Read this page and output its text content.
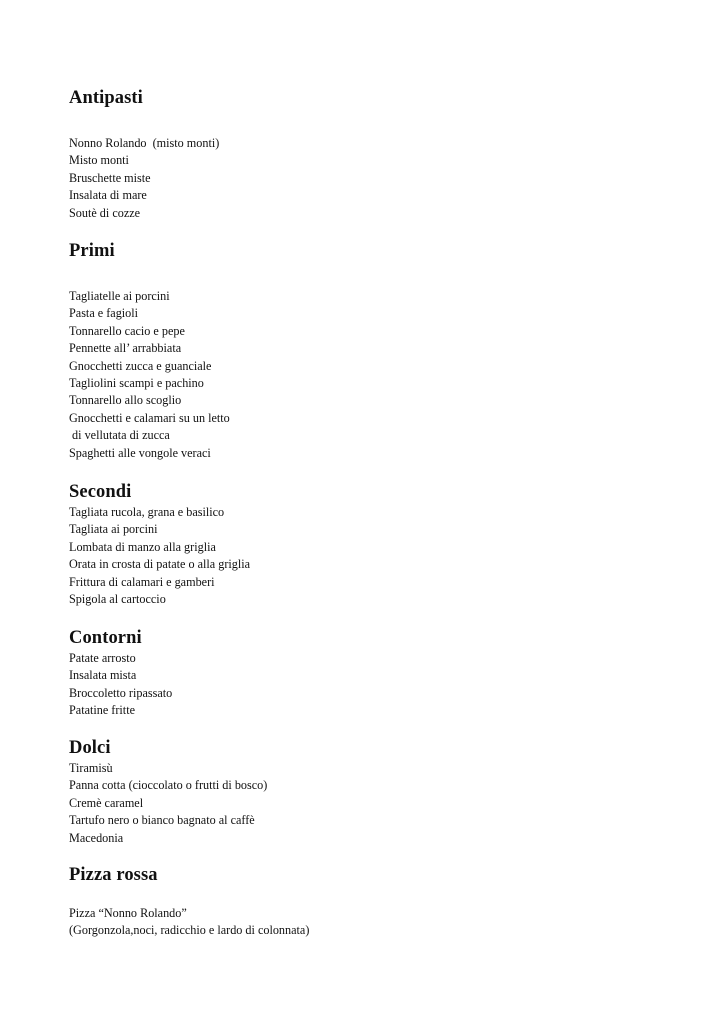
Antipasti
Nonno Rolando  (misto monti)
Misto monti
Bruschette miste
Insalata di mare
Soutè di cozze
Primi
Tagliatelle ai porcini
Pasta e fagioli
Tonnarello cacio e pepe
Pennette all’ arrabbiata
Gnocchetti zucca e guanciale
Tagliolini scampi e pachino
Tonnarello allo scoglio
Gnocchetti e calamari su un letto
di vellutata di zucca
Spaghetti alle vongole veraci
Secondi
Tagliata rucola, grana e basilico
Tagliata ai porcini
Lombata di manzo alla griglia
Orata in crosta di patate o alla griglia
Frittura di calamari e gamberi
Spigola al cartoccio
Contorni
Patate arrosto
Insalata mista
Broccoletto ripassato
Patatine fritte
Dolci
Tiramisù
Panna cotta (cioccolato o frutti di bosco)
Cremè caramel
Tartufo nero o bianco bagnato al caffè
Macedonia
Pizza rossa
Pizza “Nonno Rolando”
(Gorgonzola,noci, radicchio e lardo di colonnata)
